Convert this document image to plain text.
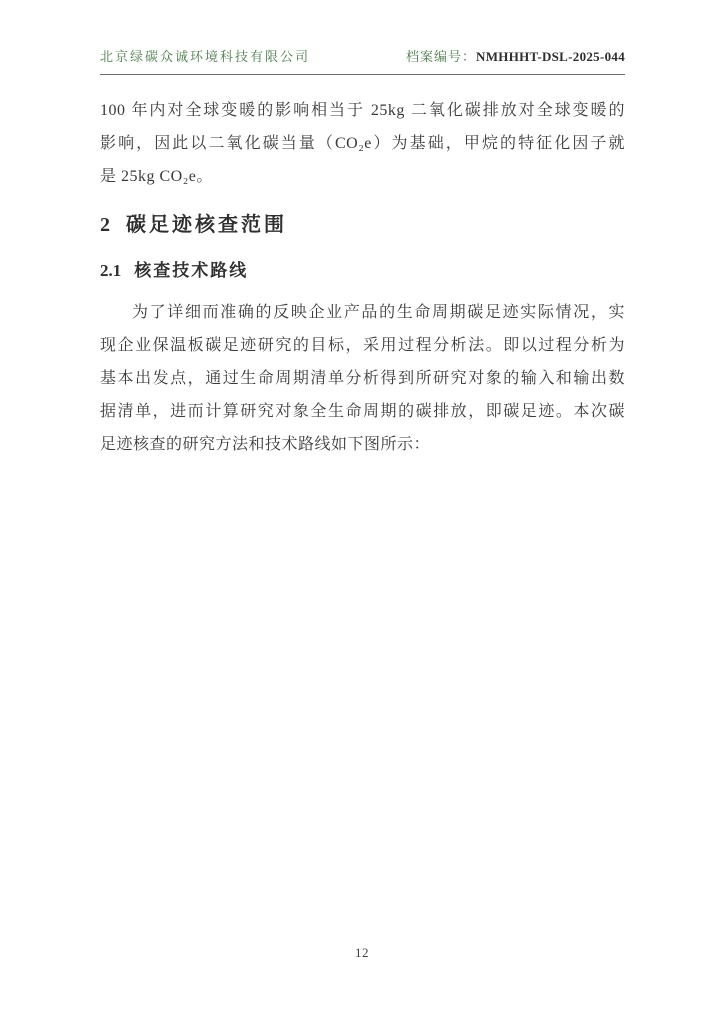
北京绿碳众诚环境科技有限公司	档案编号：NMHHHT-DSL-2025-044
100 年内对全球变暖的影响相当于 25kg 二氧化碳排放对全球变暖的
影响，因此以二氧化碳当量（CO₂e）为基础，甲烷的特征化因子就
是 25kg CO₂e。
2 碳足迹核查范围
2.1 核查技术路线
为了详细而准确的反映企业产品的生命周期碳足迹实际情况，实
现企业保温板碳足迹研究的目标，采用过程分析法。即以过程分析为
基本出发点，通过生命周期清单分析得到所研究对象的输入和输出数
据清单，进而计算研究对象全生命周期的碳排放，即碳足迹。本次碳
足迹核查的研究方法和技术路线如下图所示：
12
